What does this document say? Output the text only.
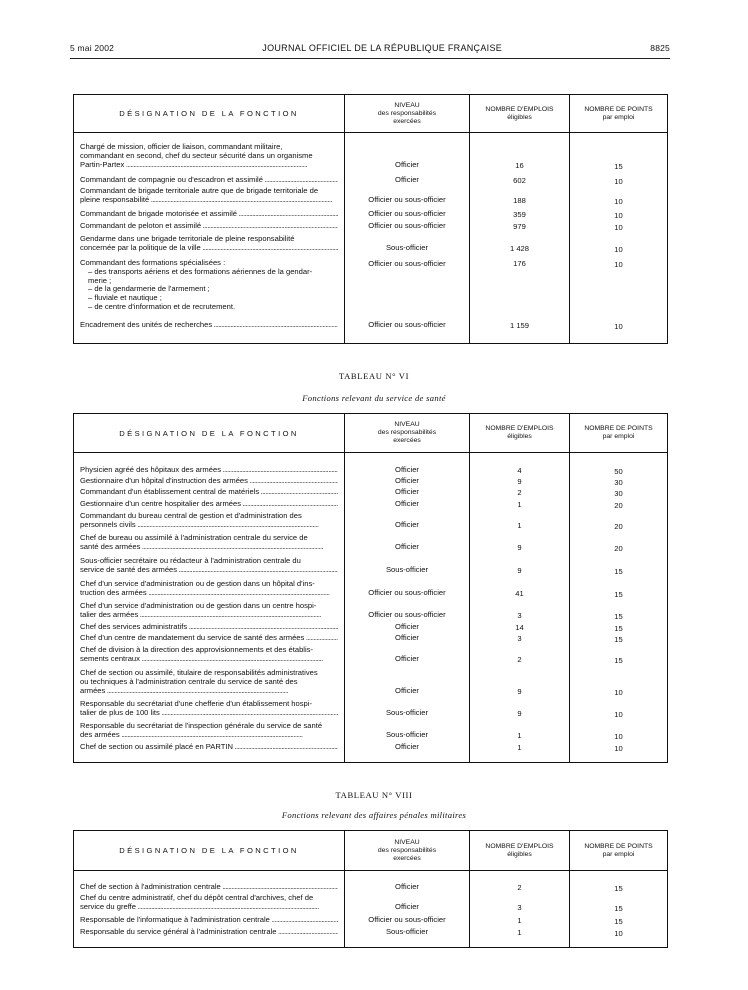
5 mai 2002	JOURNAL OFFICIEL DE LA RÉPUBLIQUE FRANÇAISE	8825
DÉSIGNATION DE LA FONCTION
NIVEAU
des responsabilités
exercées
NOMBRE D'EMPLOIS
éligibles
NOMBRE DE POINTS
par emploi
Chargé de mission, officier de liaison, commandant militaire,
commandant en second, chef du secteur sécurité dans un organisme
Partin-Partex .....
Commandant de compagnie ou d'escadron et assimilé .....
Commandant de brigade territoriale autre que de brigade territoriale de
pleine responsabilité .....
Commandant de brigade motorisée et assimilé .....
Commandant de peloton et assimilé .....
Gendarme dans une brigade territoriale de pleine responsabilité
concernée par la politique de la ville .....
Commandant des formations spécialisées :
– des transports aériens et des formations aériennes de la gendar-
merie ;
– de la gendarmerie de l'armement ;
– fluviale et nautique ;
– de centre d'information et de recrutement.
Encadrement des unités de recherches .....
Officier
Officier
Officier ou sous-officier
Officier ou sous-officier
Officier ou sous-officier
Sous-officier
Officier ou sous-officier
Officier ou sous-officier
16
602
188
359
979
1 428
176
1 159
15
10
10
10
10
10
10
10
TABLEAU N° VI
Fonctions relevant du service de santé
DÉSIGNATION DE LA FONCTION
NIVEAU
des responsabilités
exercées
NOMBRE D'EMPLOIS
éligibles
NOMBRE DE POINTS
par emploi
Physicien agréé des hôpitaux des armées .....
Gestionnaire d'un hôpital d'instruction des armées .....
Commandant d'un établissement central de matériels .....
Gestionnaire d'un centre hospitalier des armées .....
Commandant du bureau central de gestion et d'administration des
personnels civils .....
Chef de bureau ou assimilé à l'administration centrale du service de
santé des armées .....
Sous-officier secrétaire ou rédacteur à l'administration centrale du
service de santé des armées .....
Chef d'un service d'administration ou de gestion dans un hôpital d'ins-
truction des armées .....
Chef d'un service d'administration ou de gestion dans un centre hospi-
talier des armées .....
Chef des services administratifs .....
Chef d'un centre de mandatement du service de santé des armées .....
Chef de division à la direction des approvisionnements et des établis-
sements centraux .....
Chef de section ou assimilé, titulaire de responsabilités administratives
ou techniques à l'administration centrale du service de santé des
armées .....
Responsable du secrétariat d'une chefferie d'un établissement hospi-
talier de plus de 100 lits .....
Responsable du secrétariat de l'inspection générale du service de santé
des armées .....
Chef de section ou assimilé placé en PARTIN .....
Officier
Officier
Officier
Officier
Officier
Officier
Sous-officier
Officier ou sous-officier
Officier ou sous-officier
Officier
Officier
Officier
Officier
Sous-officier
Sous-officier
Officier
4
9
2
1
1
9
9
41
3
14
3
2
9
9
1
1
50
30
30
20
20
20
15
15
15
15
15
15
10
10
10
10
TABLEAU N° VIII
Fonctions relevant des affaires pénales militaires
DÉSIGNATION DE LA FONCTION
NIVEAU
des responsabilités
exercées
NOMBRE D'EMPLOIS
éligibles
NOMBRE DE POINTS
par emploi
Chef de section à l'administration centrale .....
Chef du centre administratif, chef du dépôt central d'archives, chef de
service du greffe .....
Responsable de l'informatique à l'administration centrale .....
Responsable du service général à l'administration centrale .....
Officier
Officier
Officier ou sous-officier
Sous-officier
2
3
1
1
15
15
15
10
